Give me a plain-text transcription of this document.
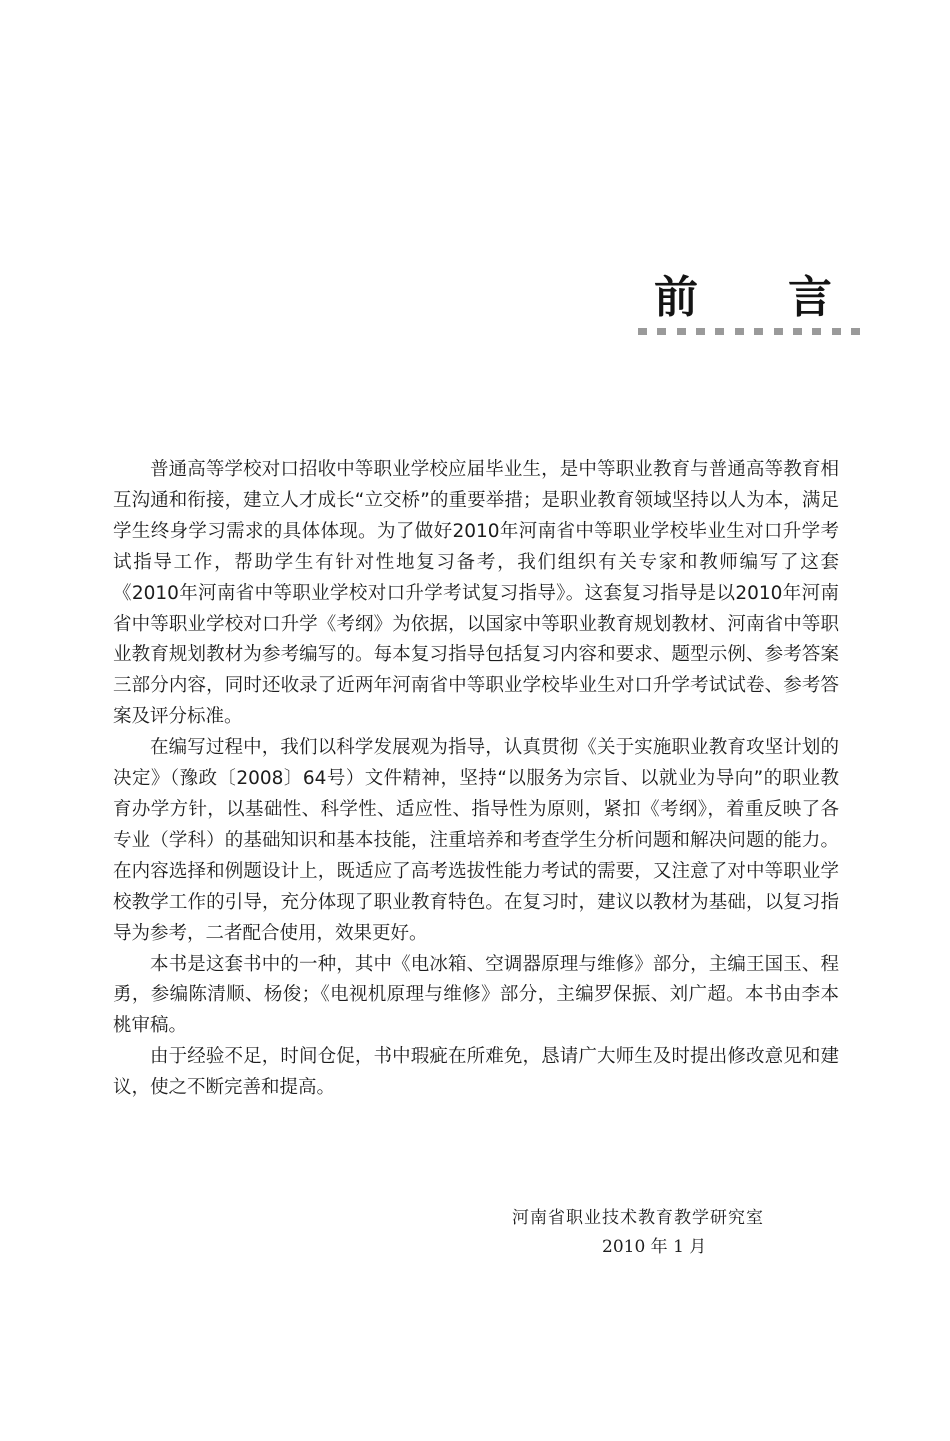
前 言

普通高等学校对口招收中等职业学校应届毕业生，是中等职业教育与普通高等教育相互沟通和衔接，建立人才成长“立交桥”的重要举措；是职业教育领域坚持以人为本，满足学生终身学习需求的具体体现。为了做好2010年河南省中等职业学校毕业生对口升学考试指导工作，帮助学生有针对性地复习备考，我们组织有关专家和教师编写了这套《2010年河南省中等职业学校对口升学考试复习指导》。这套复习指导是以2010年河南省中等职业学校对口升学《考纲》为依据，以国家中等职业教育规划教材、河南省中等职业教育规划教材为参考编写的。每本复习指导包括复习内容和要求、题型示例、参考答案三部分内容，同时还收录了近两年河南省中等职业学校毕业生对口升学考试试卷、参考答案及评分标准。

在编写过程中，我们以科学发展观为指导，认真贯彻《关于实施职业教育攻坚计划的决定》（豫政〔2008〕64号）文件精神，坚持“以服务为宗旨、以就业为导向”的职业教育办学方针，以基础性、科学性、适应性、指导性为原则，紧扣《考纲》，着重反映了各专业（学科）的基础知识和基本技能，注重培养和考查学生分析问题和解决问题的能力。在内容选择和例题设计上，既适应了高考选拔性能力考试的需要，又注意了对中等职业学校教学工作的引导，充分体现了职业教育特色。在复习时，建议以教材为基础，以复习指导为参考，二者配合使用，效果更好。

本书是这套书中的一种，其中《电冰箱、空调器原理与维修》部分，主编王国玉、程勇，参编陈清顺、杨俊；《电视机原理与维修》部分，主编罗保振、刘广超。本书由李本桃审稿。

由于经验不足，时间仓促，书中瑕疵在所难免，恳请广大师生及时提出修改意见和建议，使之不断完善和提高。

河南省职业技术教育教学研究室
2010 年 1 月
